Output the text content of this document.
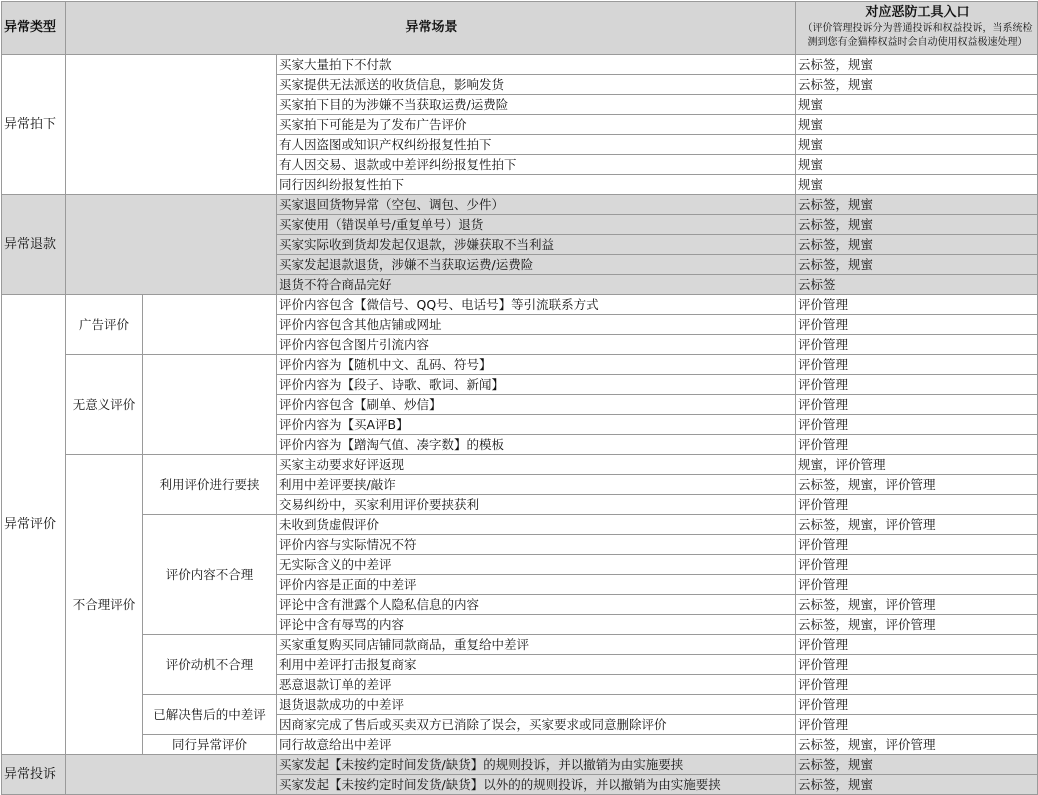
异常类型	异常场景			对应恶防工具入口
（评价管理投诉分为普通投诉和权益投诉，当系统检
测到您有金猫棒权益时会自动使用权益极速处理）

异常拍下			买家大量拍下不付款	云标签，规蜜
			买家提供无法派送的收货信息，影响发货	云标签，规蜜
			买家拍下目的为涉嫌不当获取运费/运费险	规蜜
			买家拍下可能是为了发布广告评价	规蜜
			有人因盗图或知识产权纠纷报复性拍下	规蜜
			有人因交易、退款或中差评纠纷报复性拍下	规蜜
			同行因纠纷报复性拍下	规蜜
异常退款			买家退回货物异常（空包、调包、少件）	云标签，规蜜
			买家使用（错误单号/重复单号）退货	云标签，规蜜
			买家实际收到货却发起仅退款，涉嫌获取不当利益	云标签，规蜜
			买家发起退款退货，涉嫌不当获取运费/运费险	云标签，规蜜
			退货不符合商品完好	云标签
异常评价	广告评价		评价内容包含【微信号、QQ号、电话号】等引流联系方式	评价管理
			评价内容包含其他店铺或网址	评价管理
			评价内容包含图片引流内容	评价管理
	无意义评价		评价内容为【随机中文、乱码、符号】	评价管理
			评价内容为【段子、诗歌、歌词、新闻】	评价管理
			评价内容包含【刷单、炒信】	评价管理
			评价内容为【买A评B】	评价管理
			评价内容为【蹭淘气值、凑字数】的模板	评价管理
	不合理评价	利用评价进行要挟	买家主动要求好评返现	规蜜，评价管理
			利用中差评要挟/敲诈	云标签，规蜜，评价管理
			交易纠纷中，买家利用评价要挟获利	评价管理
		评价内容不合理	未收到货虚假评价	云标签，规蜜，评价管理
			评价内容与实际情况不符	评价管理
			无实际含义的中差评	评价管理
			评价内容是正面的中差评	评价管理
			评论中含有泄露个人隐私信息的内容	云标签，规蜜，评价管理
			评论中含有辱骂的内容	云标签，规蜜，评价管理
		评价动机不合理	买家重复购买同店铺同款商品，重复给中差评	评价管理
			利用中差评打击报复商家	评价管理
			恶意退款订单的差评	评价管理
		已解决售后的中差评	退货退款成功的中差评	评价管理
			因商家完成了售后或买卖双方已消除了误会，买家要求或同意删除评价	评价管理
		同行异常评价	同行故意给出中差评	云标签，规蜜，评价管理
异常投诉			买家发起【未按约定时间发货/缺货】的规则投诉，并以撤销为由实施要挟	云标签，规蜜
			买家发起【未按约定时间发货/缺货】以外的的规则投诉，并以撤销为由实施要挟	云标签，规蜜
